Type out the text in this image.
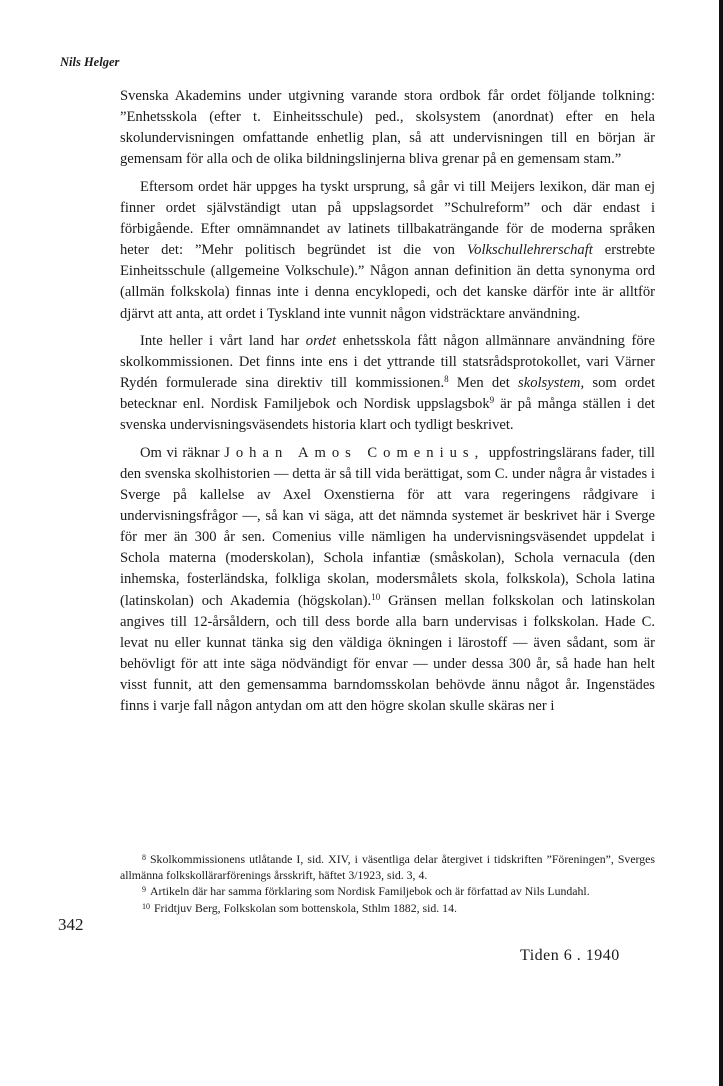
Nils Helger

Svenska Akademins under utgivning varande stora ordbok får ordet följande tolkning: ”Enhetsskola (efter t. Einheitsschule) ped., skolsystem (anordnat) efter en hela skolundervisningen omfattande enhetlig plan, så att undervisningen till en början är gemensam för alla och de olika bildningslinjerna bliva grenar på en gemensam stam.”

Eftersom ordet här uppges ha tyskt ursprung, så går vi till Meijers lexikon, där man ej finner ordet självständigt utan på uppslagsordet ”Schulreform” och där endast i förbigående. Efter omnämnandet av latinets tillbakaträngande för de moderna språken heter det: ”Mehr politisch begründet ist die von Volkschullehrerschaft erstrebte Einheitsschule (allgemeine Volkschule).” Någon annan definition än detta synonyma ord (allmän folkskola) finnas inte i denna encyklopedi, och det kanske därför inte är alltför djärvt att anta, att ordet i Tyskland inte vunnit någon vidsträcktare användning.

Inte heller i vårt land har ordet enhetsskola fått någon allmännare användning före skolkommissionen. Det finns inte ens i det yttrande till statsrådsprotokollet, vari Värner Rydén formulerade sina direktiv till kommissionen.$^8$ Men det skolsystem, som ordet betecknar enl. Nordisk Familjebok och Nordisk uppslagsbok$^9$ är på många ställen i det svenska undervisningsväsendets historia klart och tydligt beskrivet.

Om vi räknar Johan Amos Comenius, uppfostringslärans fader, till den svenska skolhistorien — detta är så till vida berättigat, som C. under några år vistades i Sverge på kallelse av Axel Oxenstierna för att vara regeringens rådgivare i undervisningsfrågor —, så kan vi säga, att det nämnda systemet är beskrivet här i Sverge för mer än 300 år sen. Comenius ville nämligen ha undervisningsväsendet uppdelat i Schola materna (moderskolan), Schola infantiæ (småskolan), Schola vernacula (den inhemska, fosterländska, folkliga skolan, modersmålets skola, folkskola), Schola latina (latinskolan) och Akademia (högskolan).$^{10}$ Gränsen mellan folkskolan och latinskolan angives till 12-årsåldern, och till dess borde alla barn undervisas i folkskolan. Hade C. levat nu eller kunnat tänka sig den väldiga ökningen i lärostoff — även sådant, som är behövligt för att inte säga nödvändigt för envar — under dessa 300 år, så hade han helt visst funnit, att den gemensamma barndomsskolan behövde ännu något år. Ingenstädes finns i varje fall någon antydan om att den högre skolan skulle skäras ner i

342

$^8$ Skolkommissionens utlåtande I, sid. XIV, i väsentliga delar återgivet i tidskriften ”Föreningen”, Sverges allmänna folkskollärarförenings årsskrift, häftet 3/1923, sid. 3, 4.

$^9$ Artikeln där har samma förklaring som Nordisk Familjebok och är författad av Nils Lundahl.

$^{10}$ Fridtjuv Berg, Folkskolan som bottenskola, Sthlm 1882, sid. 14.

Tiden 6 . 1940
